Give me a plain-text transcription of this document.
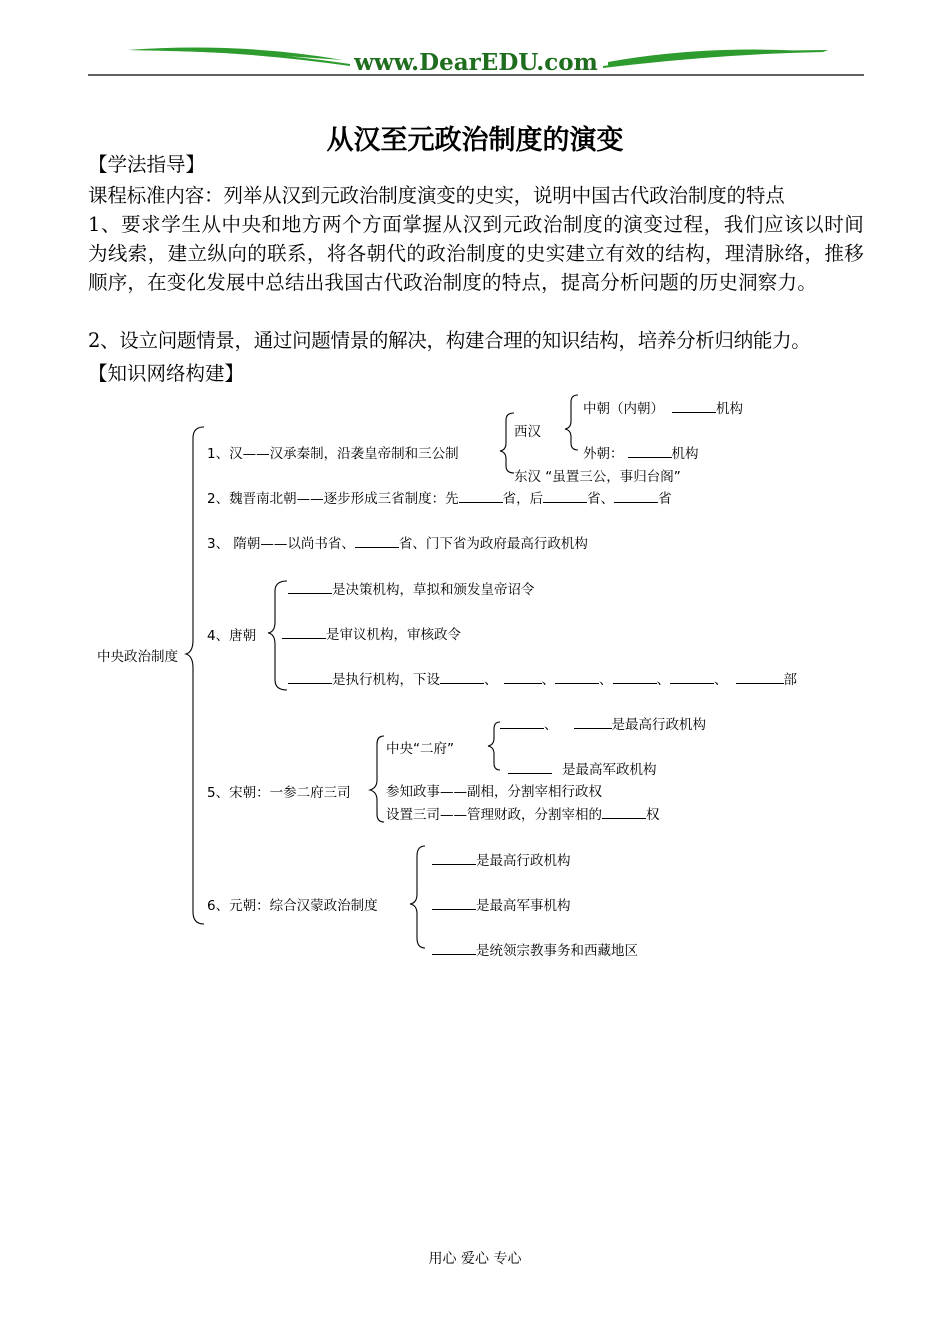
www.DearEDU.com
从汉至元政治制度的演变
【学法指导】
课程标准内容：列举从汉到元政治制度演变的史实，说明中国古代政治制度的特点
1、要求学生从中央和地方两个方面掌握从汉到元政治制度的演变过程，我们应该以时间为线索，建立纵向的联系，将各朝代的政治制度的史实建立有效的结构，理清脉络，推移顺序，在变化发展中总结出我国古代政治制度的特点，提高分析问题的历史洞察力。
2、设立问题情景，通过问题情景的解决，构建合理的知识结构，培养分析归纳能力。
【知识网络构建】
中央政治制度
1、汉——汉承秦制，沿袭皇帝制和三公制
西汉
中朝（内朝）	机构
外朝：	机构
东汉 “虽置三公，事归台阁”
2、魏晋南北朝——逐步形成三省制度：先	省，后	省、	省
3、 隋朝——以尚书省、	省、门下省为政府最高行政机构
4、唐朝
是决策机构，草拟和颁发皇帝诏令
是审议机构，审核政令
是执行机构，下设	、	、	、	、	、	部
5、宋朝：一参二府三司
中央“二府”
、	是最高行政机构
是最高军政机构
参知政事——副相，分割宰相行政权
设置三司——管理财政，分割宰相的	权
6、元朝：综合汉蒙政治制度
是最高行政机构
是最高军事机构
是统领宗教事务和西藏地区
用心 爱心 专心
